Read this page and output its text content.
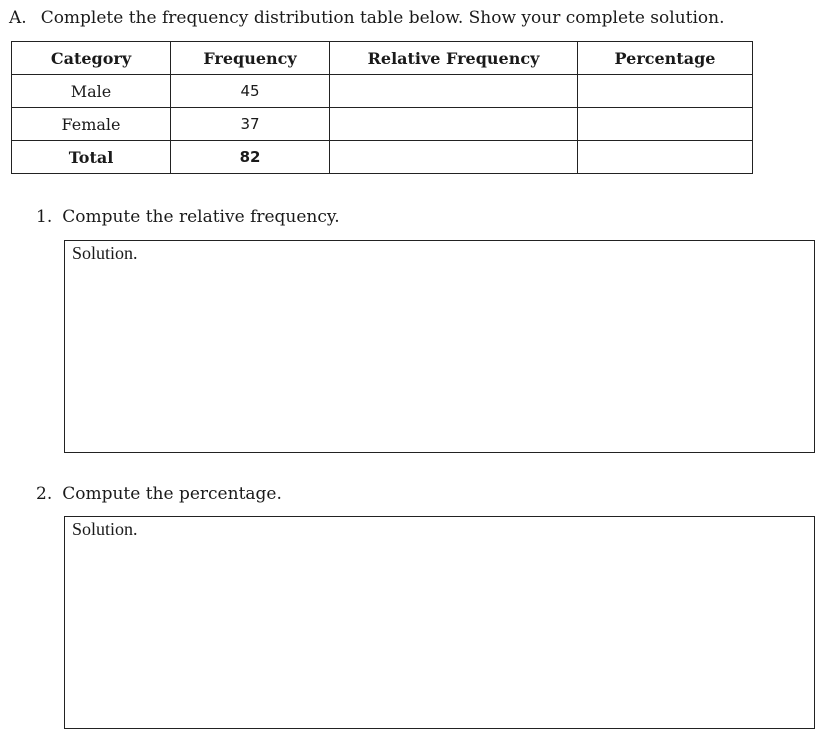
A. Complete the frequency distribution table below. Show your complete solution.
Category	Frequency	Relative Frequency	Percentage
Male	45		
Female	37		
Total	82		
1. Compute the relative frequency.
Solution.
2. Compute the percentage.
Solution.
